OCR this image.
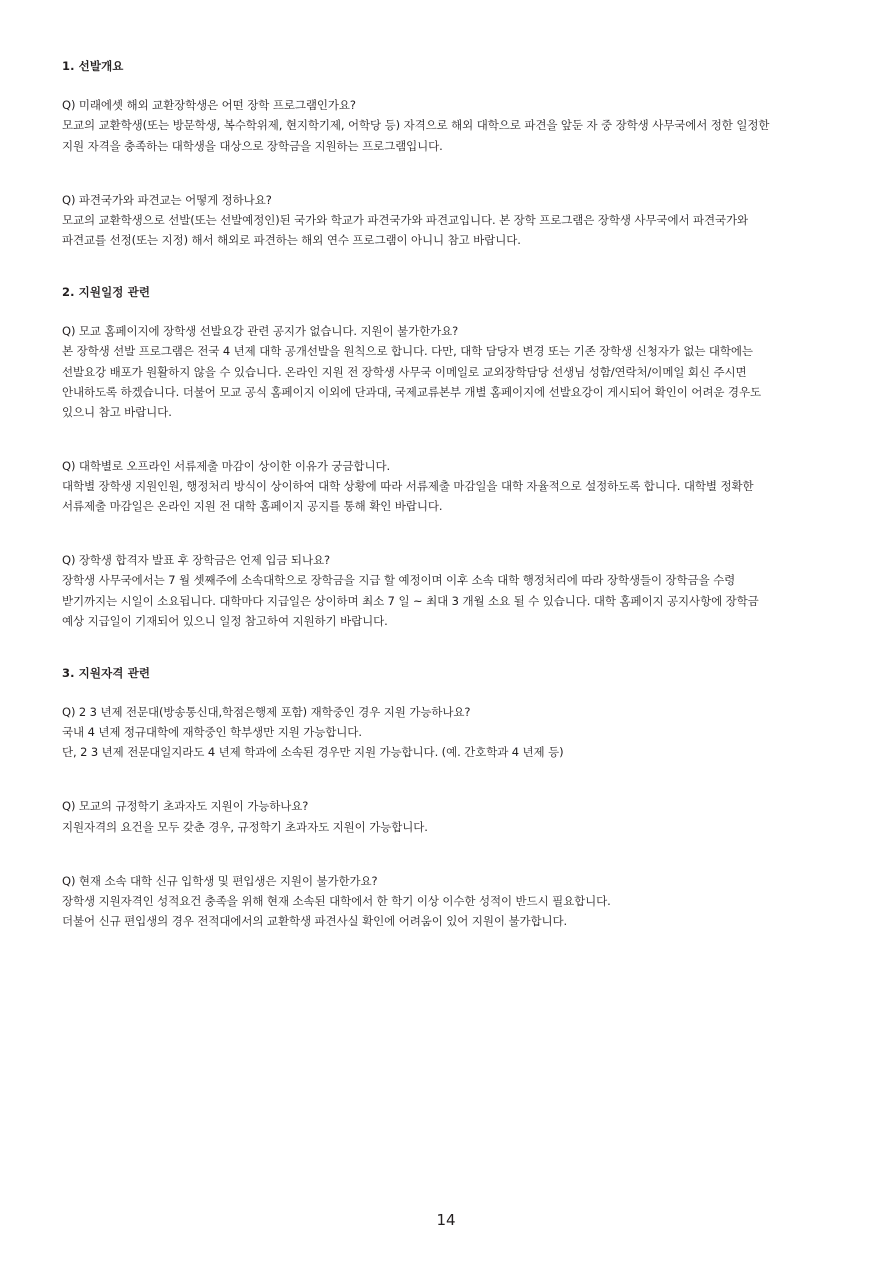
1. 선발개요

Q) 미래에셋 해외 교환장학생은 어떤 장학 프로그램인가요?

모교의 교환학생(또는 방문학생, 복수학위제, 현지학기제, 어학당 등) 자격으로 해외 대학으로 파견을 앞둔 자 중 장학생 사무국에서 정한 일정한

지원 자격을 충족하는 대학생을 대상으로 장학금을 지원하는 프로그램입니다.

Q) 파견국가와 파견교는 어떻게 정하나요?

모교의 교환학생으로 선발(또는 선발예정인)된 국가와 학교가 파견국가와 파견교입니다. 본 장학 프로그램은 장학생 사무국에서 파견국가와

파견교를 선정(또는 지정) 해서 해외로 파견하는 해외 연수 프로그램이 아니니 참고 바랍니다.

2. 지원일정 관련

Q) 모교 홈페이지에 장학생 선발요강 관련 공지가 없습니다. 지원이 불가한가요?

본 장학생 선발 프로그램은 전국 4 년제 대학 공개선발을 원칙으로 합니다. 다만, 대학 담당자 변경 또는 기존 장학생 신청자가 없는 대학에는

선발요강 배포가 원활하지 않을 수 있습니다. 온라인 지원 전 장학생 사무국 이메일로 교외장학담당 선생님 성함/연락처/이메일 회신 주시면

안내하도록 하겠습니다. 더불어 모교 공식 홈페이지 이외에 단과대, 국제교류본부 개별 홈페이지에 선발요강이 게시되어 확인이 어려운 경우도

있으니 참고 바랍니다.

Q) 대학별로 오프라인 서류제출 마감이 상이한 이유가 궁금합니다.

대학별 장학생 지원인원, 행정처리 방식이 상이하여 대학 상황에 따라 서류제출 마감일을 대학 자율적으로 설정하도록 합니다. 대학별 정확한

서류제출 마감일은 온라인 지원 전 대학 홈페이지 공지를 통해 확인 바랍니다.

Q) 장학생 합격자 발표 후 장학금은 언제 입금 되나요?

장학생 사무국에서는 7 월 셋째주에 소속대학으로 장학금을 지급 할 예정이며 이후 소속 대학 행정처리에 따라 장학생들이 장학금을 수령

받기까지는 시일이 소요됩니다. 대학마다 지급일은 상이하며 최소 7 일 ~ 최대 3 개월 소요 될 수 있습니다. 대학 홈페이지 공지사항에 장학금

예상 지급일이 기재되어 있으니 일정 참고하여 지원하기 바랍니다.

3. 지원자격 관련

Q) 2 3 년제 전문대(방송통신대,학점은행제 포함) 재학중인 경우 지원 가능하나요?

국내 4 년제 정규대학에 재학중인 학부생만 지원 가능합니다.

단, 2 3 년제 전문대일지라도 4 년제 학과에 소속된 경우만 지원 가능합니다. (예. 간호학과 4 년제 등)

Q) 모교의 규정학기 초과자도 지원이 가능하나요?

지원자격의 요건을 모두 갖춘 경우, 규정학기 초과자도 지원이 가능합니다.

Q) 현재 소속 대학 신규 입학생 및 편입생은 지원이 불가한가요?

장학생 지원자격인 성적요건 충족을 위해 현재 소속된 대학에서 한 학기 이상 이수한 성적이 반드시 필요합니다.

더불어 신규 편입생의 경우 전적대에서의 교환학생 파견사실 확인에 어려움이 있어 지원이 불가합니다.

14
